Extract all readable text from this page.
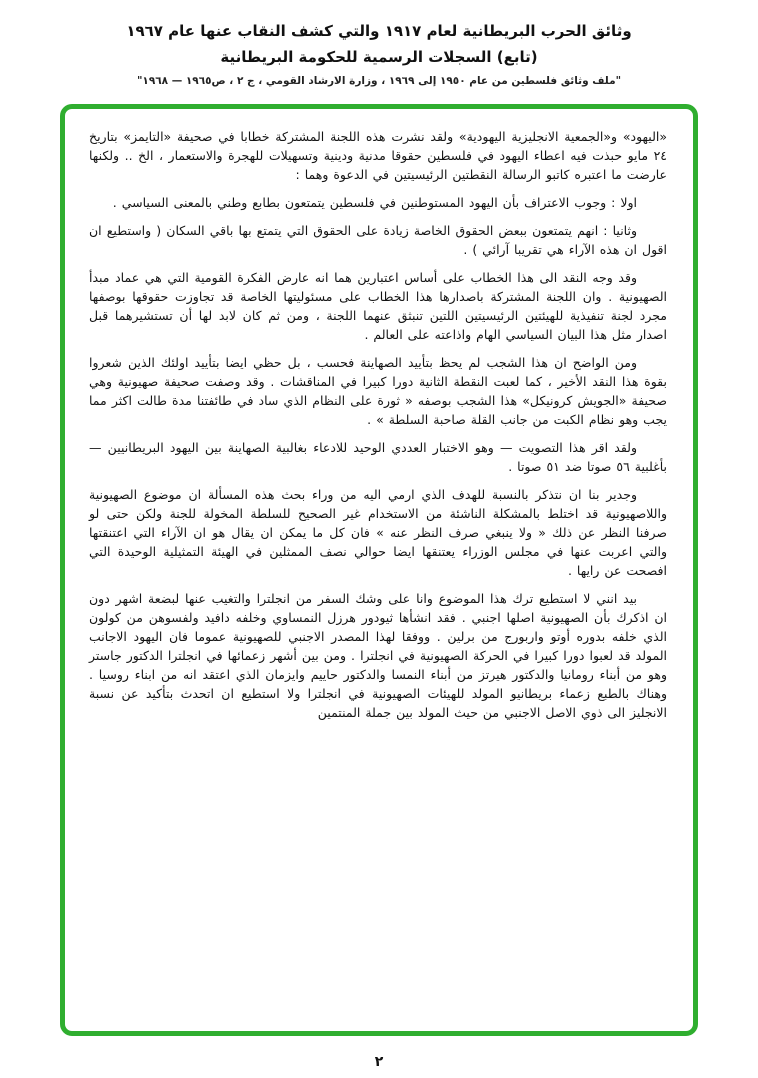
وثائق الحرب البريطانية لعام ١٩١٧ والتي كشف النقاب عنها عام ١٩٦٧
(تابع) السجلات الرسمية للحكومة البريطانية
"ملف وثائق فلسطين من عام ١٩٥٠ إلى ١٩٦٩ ، وزارة الارشاد القومي ، ج ٢ ، ص١٩٦٥ — ١٩٦٨"

«اليهود» و«الجمعية الانجليزية اليهودية» ولقد نشرت هذه اللجنة المشتركة خطابا في صحيفة «التايمز» بتاريخ ٢٤ مايو حبذت فيه اعطاء اليهود في فلسطين حقوقا مدنية ودينية وتسهيلات للهجرة والاستعمار ، الخ .. ولكنها عارضت ما اعتبره كاتبو الرسالة النقطتين الرئيسيتين في الدعوة وهما :

اولا : وجوب الاعتراف بأن اليهود المستوطنين في فلسطين يتمتعون بطابع وطني بالمعنى السياسي .

وثانيا : انهم يتمتعون ببعض الحقوق الخاصة زيادة على الحقوق التي يتمتع بها باقي السكان ( واستطيع ان اقول ان هذه الآراء هي تقريبا آرائي ) .

وقد وجه النقد الى هذا الخطاب على أساس اعتبارين هما انه عارض الفكرة القومية التي هي عماد مبدأ الصهيونية . وان اللجنة المشتركة باصدارها هذا الخطاب على مسئوليتها الخاصة قد تجاوزت حقوقها بوصفها مجرد لجنة تنفيذية للهيئتين الرئيسيتين اللتين تنبثق عنهما اللجنة ، ومن ثم كان لابد لها أن تستشيرهما قبل اصدار مثل هذا البيان السياسي الهام واذاعته على العالم .

ومن الواضح ان هذا الشجب لم يحظ بتأييد الصهاينة فحسب ، بل حظي ايضا بتأييد اولئك الذين شعروا بقوة هذا النقد الأخير ، كما لعبت النقطة الثانية دورا كبيرا في المناقشات . وقد وصفت صحيفة صهيونية وهي صحيفة «الجويش كرونيكل» هذا الشجب بوصفه « ثورة على النظام الذي ساد في طائفتنا مدة طالت اكثر مما يجب وهو نظام الكبت من جانب القلة صاحبة السلطة » .

ولقد اقر هذا التصويت — وهو الاختبار العددي الوحيد للادعاء بغالبية الصهاينة بين اليهود البريطانيين — بأغلبية ٥٦ صوتا ضد ٥١ صوتا .

وجدير بنا ان نتذكر بالنسبة للهدف الذي ارمي اليه من وراء بحث هذه المسألة ان موضوع الصهيونية واللاصهيونية قد اختلط بالمشكلة الناشئة من الاستخدام غير الصحيح للسلطة المخولة للجنة ولكن حتى لو صرفنا النظر عن ذلك « ولا ينبغي صرف النظر عنه » فان كل ما يمكن ان يقال هو ان الآراء التي اعتنقتها والتي اعربت عنها في مجلس الوزراء يعتنقها ايضا حوالي نصف الممثلين في الهيئة التمثيلية الوحيدة التي افصحت عن رايها .

بيد انني لا استطيع ترك هذا الموضوع وانا على وشك السفر من انجلترا والتغيب عنها لبضعة اشهر دون ان اذكرك بأن الصهيونية اصلها اجنبي . فقد انشأها ثيودور هرزل النمساوي وخلفه دافيد ولفسوهن من كولون الذي خلفه بدوره أوتو واربورج من برلين . ووفقا لهذا المصدر الاجنبي للصهيونية عموما فان اليهود الاجانب المولد قد لعبوا دورا كبيرا في الحركة الصهيونية في انجلترا . ومن بين أشهر زعمائها في انجلترا الدكتور جاستر وهو من أبناء رومانيا والدكتور هيرتز من أبناء النمسا والدكتور حاييم وايزمان الذي اعتقد انه من ابناء روسيا . وهناك بالطبع زعماء بريطانيو المولد للهيئات الصهيونية في انجلترا ولا استطيع ان اتحدث بتأكيد عن نسبة الانجليز الى ذوي الاصل الاجنبي من حيث المولد بين جملة المنتمين

٢
